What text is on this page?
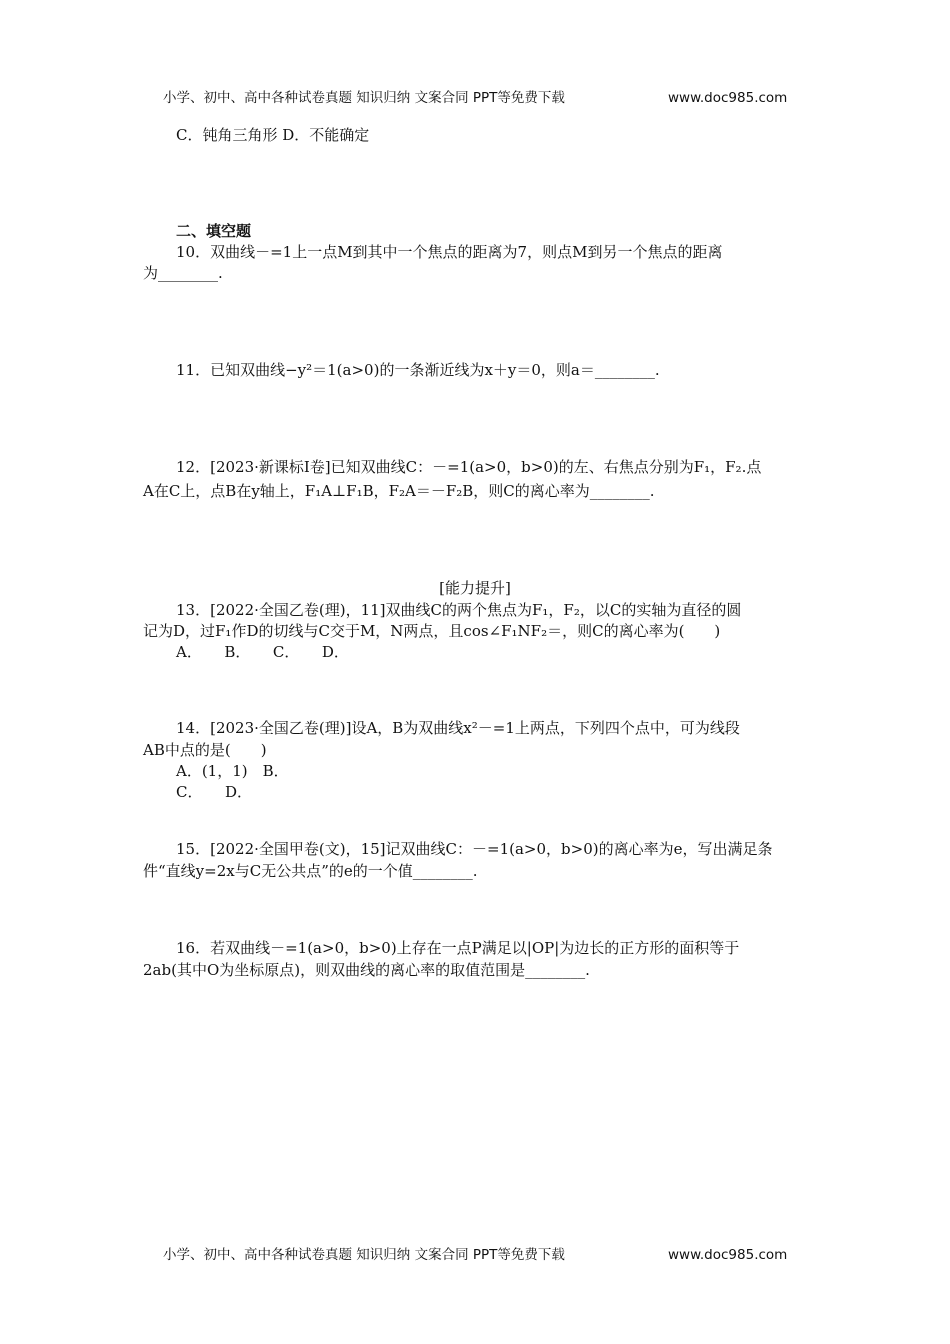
小学、初中、高中各种试卷真题 知识归纳 文案合同 PPT等免费下载	www.doc985.com
C．钝角三角形 D．不能确定
二、填空题
10．双曲线－=1上一点M到其中一个焦点的距离为7，则点M到另一个焦点的距离
为________.
11．已知双曲线−y²＝1(a>0)的一条渐近线为x＋y＝0，则a＝________.
12．[2023·新课标Ⅰ卷]已知双曲线C：－=1(a>0，b>0)的左、右焦点分别为F₁，F₂.点
A在C上，点B在y轴上，F₁A⊥F₁B，F₂A＝－F₂B，则C的离心率为________.
[能力提升]
13．[2022·全国乙卷(理)，11]双曲线C的两个焦点为F₁，F₂，以C的实轴为直径的圆
记为D，过F₁作D的切线与C交于M，N两点，且cos∠F₁NF₂＝，则C的离心率为(　　)
A．　　B．　　C．　　D．
14．[2023·全国乙卷(理)]设A，B为双曲线x²－=1上两点，下列四个点中，可为线段
AB中点的是(　　)
A．(1，1)　B．
C．　　D．
15．[2022·全国甲卷(文)，15]记双曲线C：－=1(a>0，b>0)的离心率为e，写出满足条
件“直线y=2x与C无公共点”的e的一个值________.
16．若双曲线－=1(a>0，b>0)上存在一点P满足以|OP|为边长的正方形的面积等于
2ab(其中O为坐标原点)，则双曲线的离心率的取值范围是________.
小学、初中、高中各种试卷真题 知识归纳 文案合同 PPT等免费下载	www.doc985.com
